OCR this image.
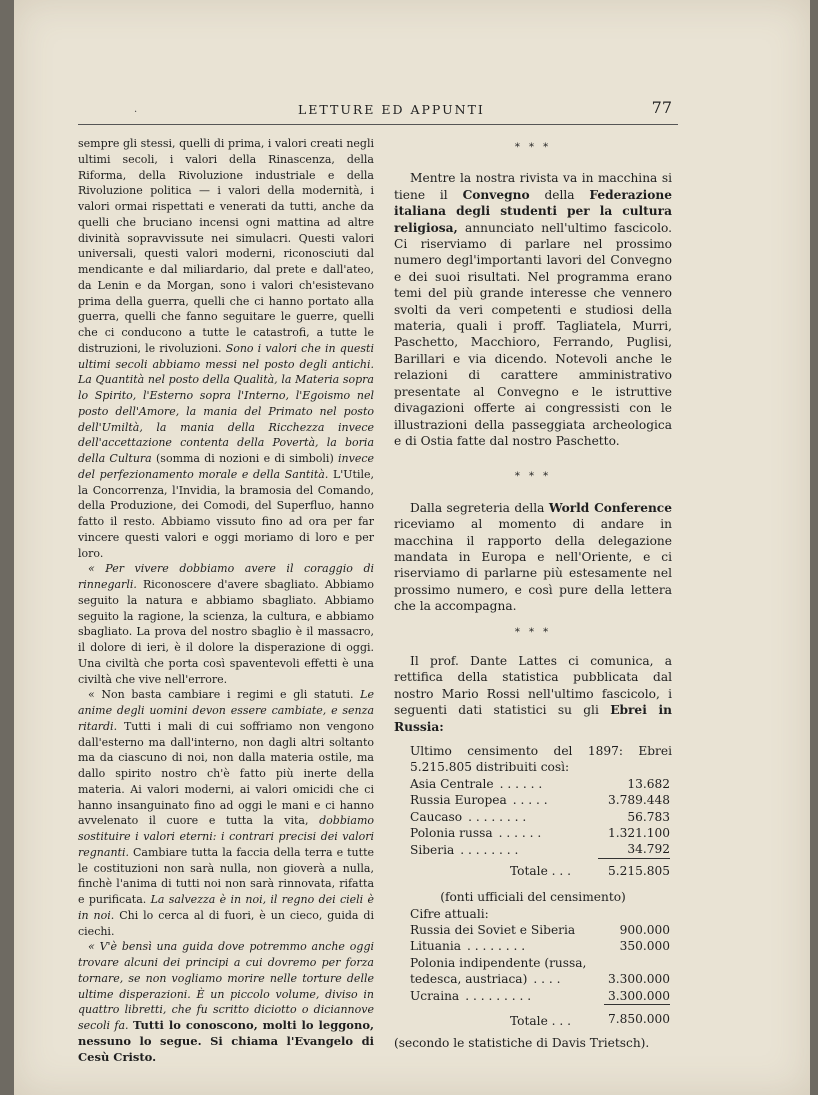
.	LETTURE ED APPUNTI	77

sempre gli stessi, quelli di prima, i valori creati negli ultimi secoli, i valori della Rinascenza, della Riforma, della Rivoluzione industriale e della Rivoluzione politica — i valori della modernità, i valori ormai rispettati e venerati da tutti, anche da quelli che bruciano incensi ogni mattina ad altre divinità sopravvissute nei simulacri. Questi valori universali, questi valori moderni, riconosciuti dal mendicante e dal miliardario, dal prete e dall'ateo, da Lenin e da Morgan, sono i valori ch'esistevano prima della guerra, quelli che ci hanno portato alla guerra, quelli che fanno seguitare le guerre, quelli che ci conducono a tutte le catastrofi, a tutte le distruzioni, le rivoluzioni. Sono i valori che in questi ultimi secoli abbiamo messi nel posto degli antichi. La Quantità nel posto della Qualità, la Materia sopra lo Spirito, l'Esterno sopra l'Interno, l'Egoismo nel posto dell'Amore, la mania del Primato nel posto dell'Umiltà, la mania della Ricchezza invece dell'accettazione contenta della Povertà, la boria della Cultura (somma di nozioni e di simboli) invece del perfezionamento morale e della Santità. L'Utile, la Concorrenza, l'Invidia, la bramosia del Comando, della Produzione, dei Comodi, del Superfluo, hanno fatto il resto. Abbiamo vissuto fino ad ora per far vincere questi valori e oggi moriamo di loro e per loro.

« Per vivere dobbiamo avere il coraggio di rinnegarli. Riconoscere d'avere sbagliato. Abbiamo seguito la natura e abbiamo sbagliato. Abbiamo seguito la ragione, la scienza, la cultura, e abbiamo sbagliato. La prova del nostro sbaglio è il massacro, il dolore di ieri, è il dolore la disperazione di oggi. Una civiltà che porta così spaventevoli effetti è una civiltà che vive nell'errore.

« Non basta cambiare i regimi e gli statuti. Le anime degli uomini devon essere cambiate, e senza ritardi. Tutti i mali di cui soffriamo non vengono dall'esterno ma dall'interno, non dagli altri soltanto ma da ciascuno di noi, non dalla materia ostile, ma dallo spirito nostro ch'è fatto più inerte della materia. Ai valori moderni, ai valori omicidi che ci hanno insanguinato fino ad oggi le mani e ci hanno avvelenato il cuore e tutta la vita, dobbiamo sostituire i valori eterni: i contrari precisi dei valori regnanti. Cambiare tutta la faccia della terra e tutte le costituzioni non sarà nulla, non gioverà a nulla, finchè l'anima di tutti noi non sarà rinnovata, rifatta e purificata. La salvezza è in noi, il regno dei cieli è in noi. Chi lo cerca al di fuori, è un cieco, guida di ciechi.

« V'è bensì una guida dove potremmo anche oggi trovare alcuni dei principi a cui dovremo per forza tornare, se non vogliamo morire nelle torture delle ultime disperazioni. È un piccolo volume, diviso in quattro libretti, che fu scritto diciotto o diciannove secoli fa. Tutti lo conoscono, molti lo leggono, nessuno lo segue. Si chiama l'Evangelo di Cesù Cristo.

* * *

Mentre la nostra rivista va in macchina si tiene il Convegno della Federazione italiana degli studenti per la cultura religiosa, annunciato nell'ultimo fascicolo. Ci riserviamo di parlare nel prossimo numero degl'importanti lavori del Convegno e dei suoi risultati. Nel programma erano temi del più grande interesse che vennero svolti da veri competenti e studiosi della materia, quali i proff. Tagliatela, Murri, Paschetto, Macchioro, Ferrando, Puglisi, Barillari e via dicendo. Notevoli anche le relazioni di carattere amministrativo presentate al Convegno e le istruttive divagazioni offerte ai congressisti con le illustrazioni della passeggiata archeologica e di Ostia fatte dal nostro Paschetto.

* * *

Dalla segreteria della World Conference riceviamo al momento di andare in macchina il rapporto della delegazione mandata in Europa e nell'Oriente, e ci riserviamo di parlarne più estesamente nel prossimo numero, e così pure della lettera che la accompagna.

* * *

Il prof. Dante Lattes ci comunica, a rettifica della statistica pubblicata dal nostro Mario Rossi nell'ultimo fascicolo, i seguenti dati statistici su gli Ebrei in Russia:

Ultimo censimento del 1897: Ebrei 5.215.805 distribuiti così:

Asia Centrale . . . . . .	13.682
Russia Europea . . . . .	3.789.448
Caucaso . . . . . . . .	56.783
Polonia russa . . . . . .	1.321.100
Siberia . . . . . . . .	34.792
Totale . . .	5.215.805

(fonti ufficiali del censimento)

Cifre attuali:

Russia dei Soviet e Siberia	900.000
Lituania . . . . . . . .	350.000
Polonia indipendente (russa,	
tedesca, austriaca) . . . .	3.300.000
Ucraina . . . . . . . . .	3.300.000
Totale . . .	7.850.000

(secondo le statistiche di Davis Trietsch).
